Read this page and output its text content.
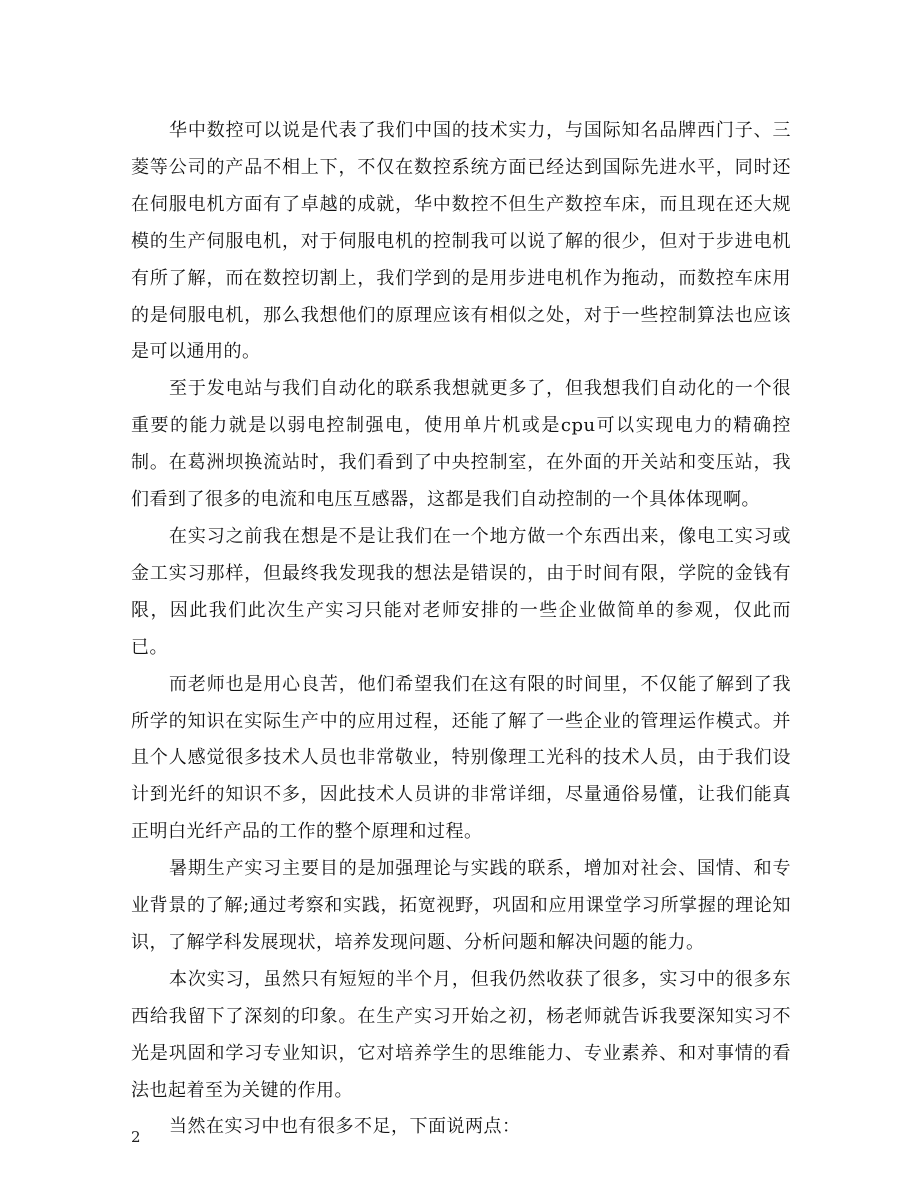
华中数控可以说是代表了我们中国的技术实力，与国际知名品牌西门子、三菱等公司的产品不相上下，不仅在数控系统方面已经达到国际先进水平，同时还在伺服电机方面有了卓越的成就，华中数控不但生产数控车床，而且现在还大规模的生产伺服电机，对于伺服电机的控制我可以说了解的很少，但对于步进电机有所了解，而在数控切割上，我们学到的是用步进电机作为拖动，而数控车床用的是伺服电机，那么我想他们的原理应该有相似之处，对于一些控制算法也应该是可以通用的。

至于发电站与我们自动化的联系我想就更多了，但我想我们自动化的一个很重要的能力就是以弱电控制强电，使用单片机或是cpu可以实现电力的精确控制。在葛洲坝换流站时，我们看到了中央控制室，在外面的开关站和变压站，我们看到了很多的电流和电压互感器，这都是我们自动控制的一个具体体现啊。

在实习之前我在想是不是让我们在一个地方做一个东西出来，像电工实习或金工实习那样，但最终我发现我的想法是错误的，由于时间有限，学院的金钱有限，因此我们此次生产实习只能对老师安排的一些企业做简单的参观，仅此而已。

而老师也是用心良苦，他们希望我们在这有限的时间里，不仅能了解到了我所学的知识在实际生产中的应用过程，还能了解了一些企业的管理运作模式。并且个人感觉很多技术人员也非常敬业，特别像理工光科的技术人员，由于我们设计到光纤的知识不多，因此技术人员讲的非常详细，尽量通俗易懂，让我们能真正明白光纤产品的工作的整个原理和过程。

暑期生产实习主要目的是加强理论与实践的联系，增加对社会、国情、和专业背景的了解;通过考察和实践，拓宽视野，巩固和应用课堂学习所掌握的理论知识，了解学科发展现状，培养发现问题、分析问题和解决问题的能力。

本次实习，虽然只有短短的半个月，但我仍然收获了很多，实习中的很多东西给我留下了深刻的印象。在生产实习开始之初，杨老师就告诉我要深知实习不光是巩固和学习专业知识，它对培养学生的思维能力、专业素养、和对事情的看法也起着至为关键的作用。

当然在实习中也有很多不足，下面说两点：

2
